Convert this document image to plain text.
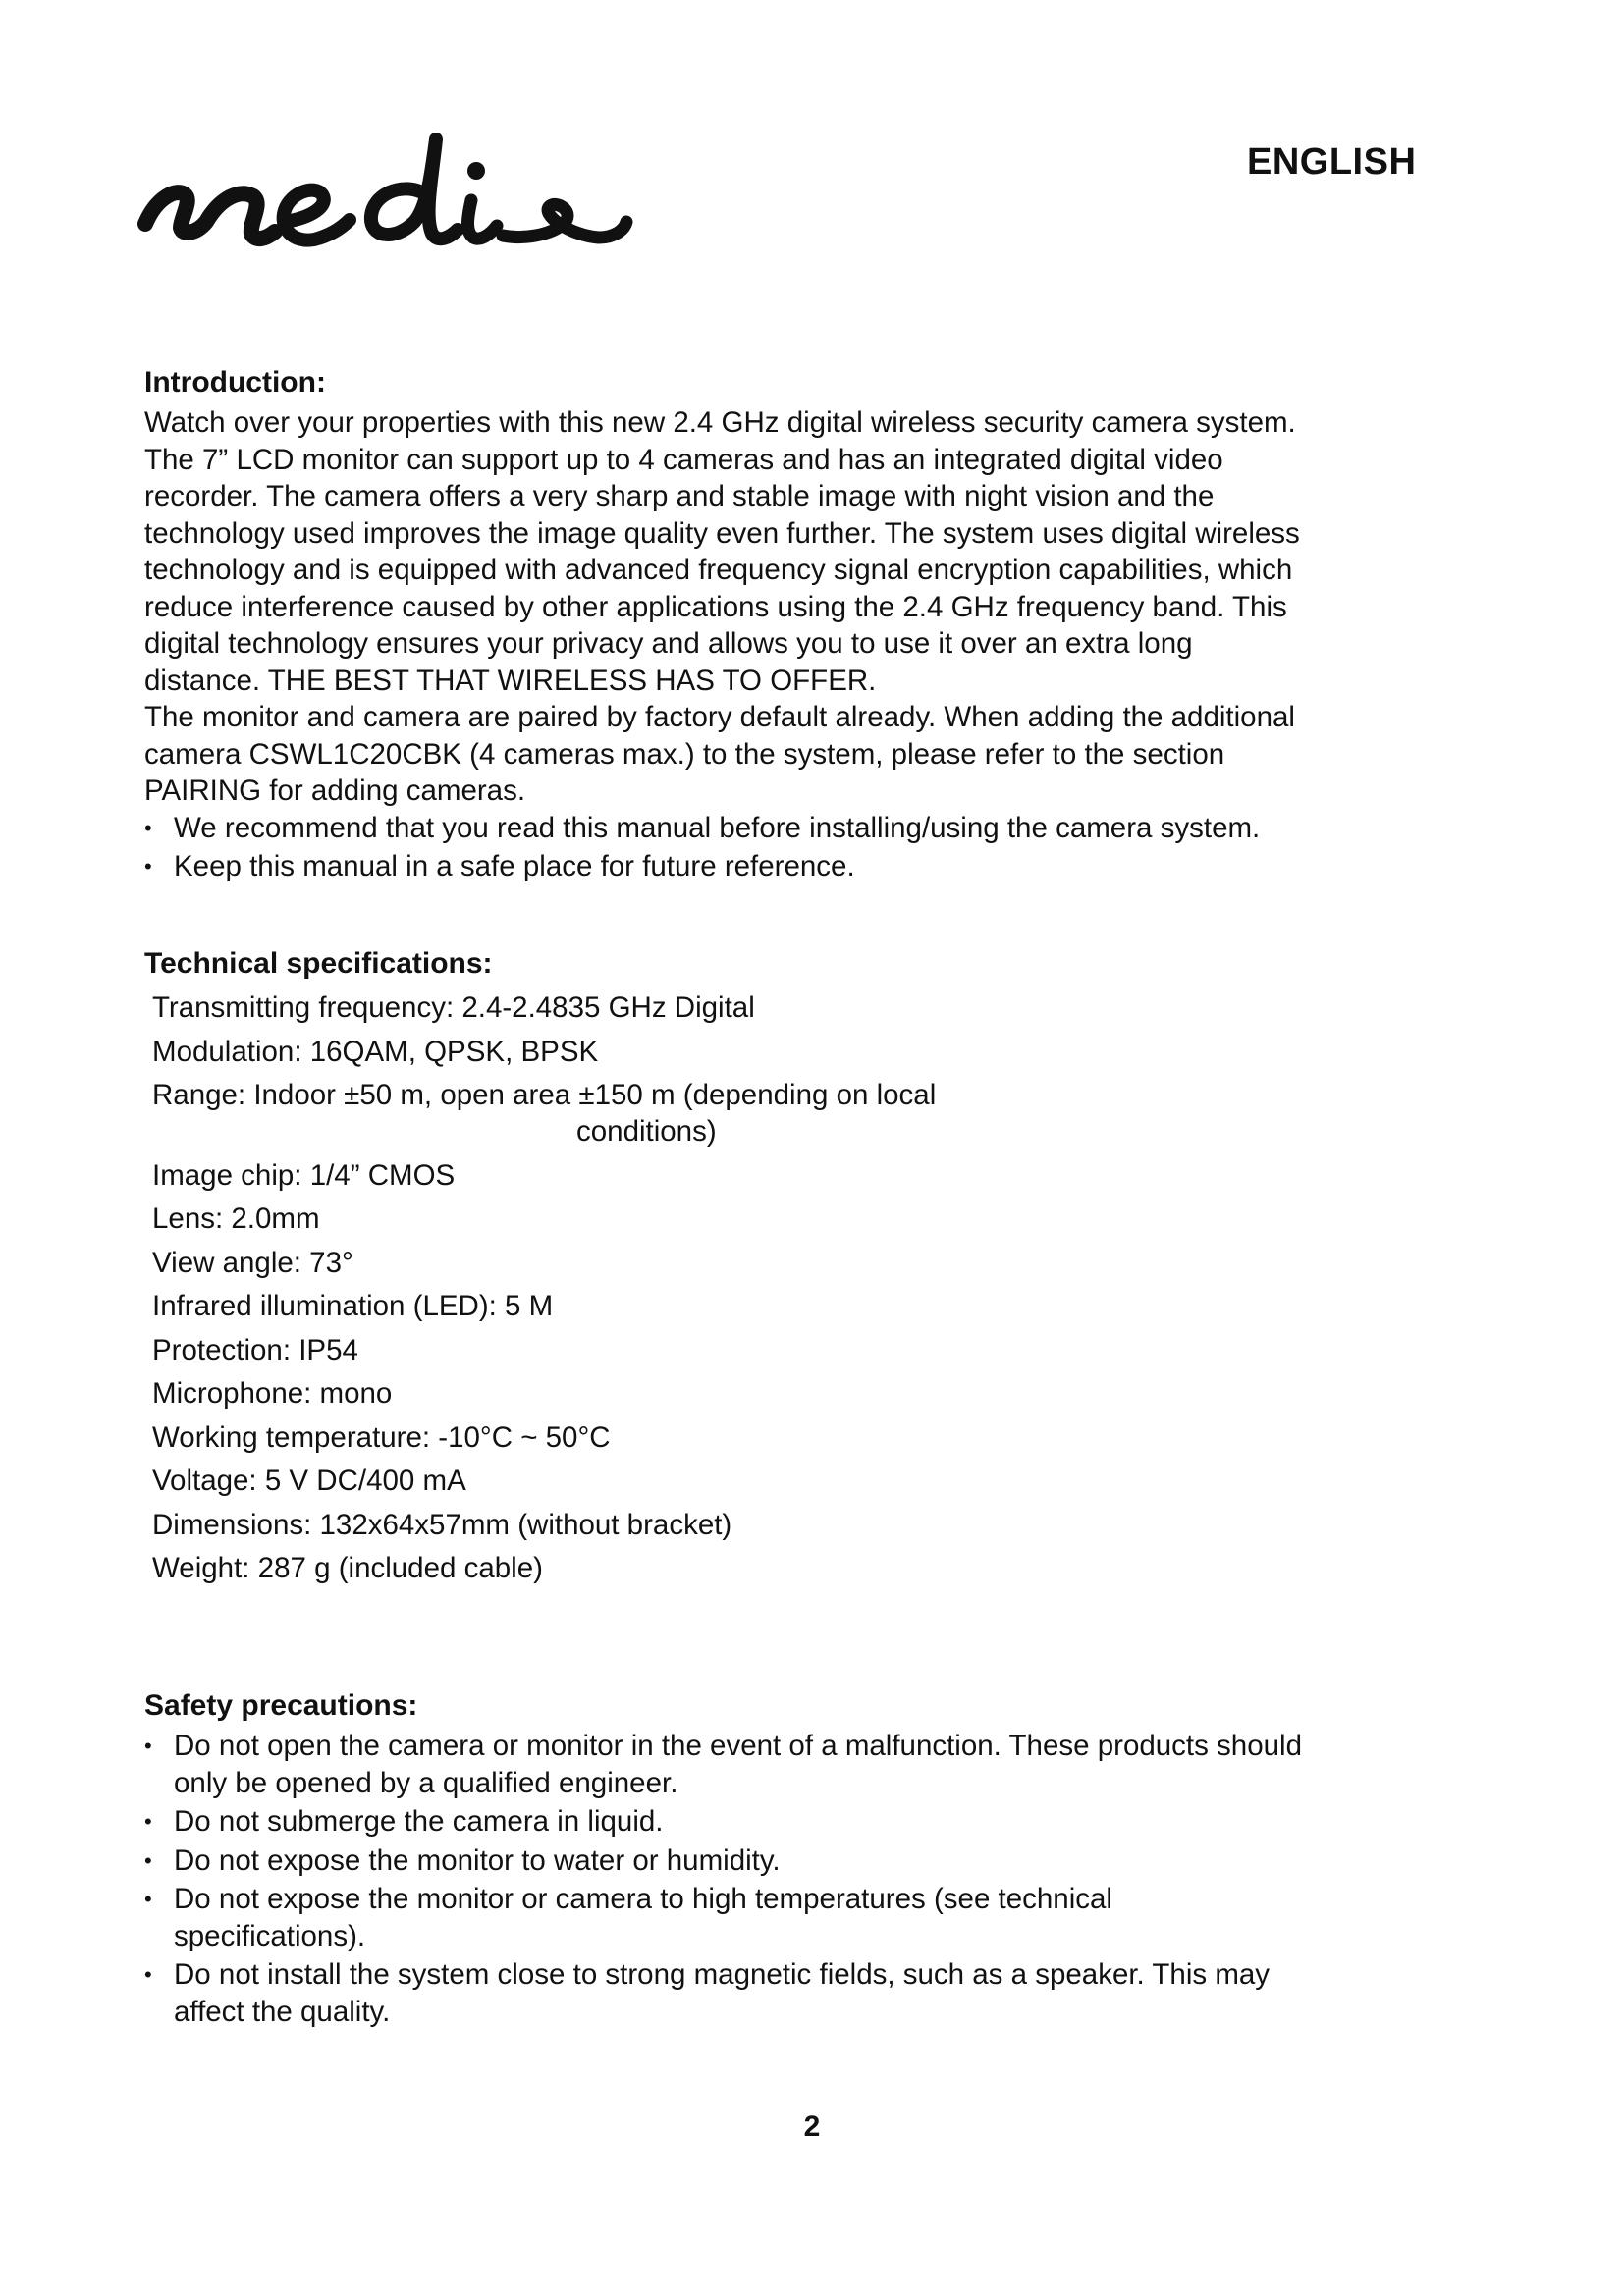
ENGLISH
Introduction:

Watch over your properties with this new 2.4 GHz digital wireless security camera system. The 7” LCD monitor can support up to 4 cameras and has an integrated digital video recorder. The camera offers a very sharp and stable image with night vision and the technology used improves the image quality even further. The system uses digital wireless technology and is equipped with advanced frequency signal encryption capabilities, which reduce interference caused by other applications using the 2.4 GHz frequency band. This digital technology ensures your privacy and allows you to use it over an extra long distance. THE BEST THAT WIRELESS HAS TO OFFER.

The monitor and camera are paired by factory default already. When adding the additional camera CSWL1C20CBK (4 cameras max.) to the system, please refer to the section PAIRING for adding cameras.

• We recommend that you read this manual before installing/using the camera system.
• Keep this manual in a safe place for future reference.
Technical specifications:
Transmitting frequency: 2.4-2.4835 GHz Digital
Modulation: 16QAM, QPSK, BPSK
Range: Indoor ±50 m, open area ±150 m (depending on local
conditions)
Image chip: 1/4” CMOS
Lens: 2.0mm
View angle: 73°
Infrared illumination (LED): 5 M
Protection: IP54
Microphone: mono
Working temperature: -10°C ~ 50°C
Voltage: 5 V DC/400 mA
Dimensions: 132x64x57mm (without bracket)
Weight: 287 g (included cable)
Safety precautions:
• Do not open the camera or monitor in the event of a malfunction. These products should only be opened by a qualified engineer.
• Do not submerge the camera in liquid.
• Do not expose the monitor to water or humidity.
• Do not expose the monitor or camera to high temperatures (see technical specifications).
• Do not install the system close to strong magnetic fields, such as a speaker. This may affect the quality.
2
